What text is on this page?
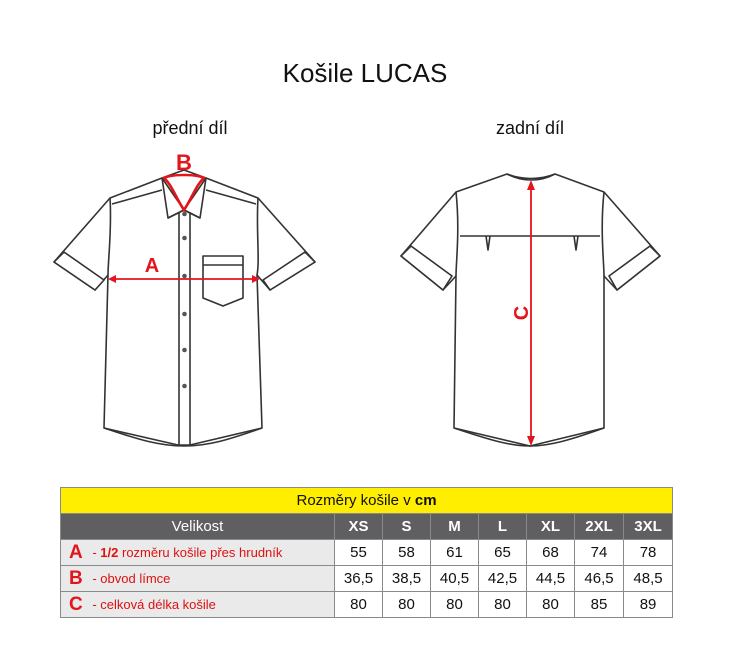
Košile LUCAS
přední díl	zadní díl
B
A
C
Rozměry košile v cm							
Velikost	XS	S	M	L	XL	2XL	3XL
A - 1/2 rozměru košile přes hrudník	55	58	61	65	68	74	78
B - obvod límce	36,5	38,5	40,5	42,5	44,5	46,5	48,5
C - celková délka košile	80	80	80	80	80	85	89
